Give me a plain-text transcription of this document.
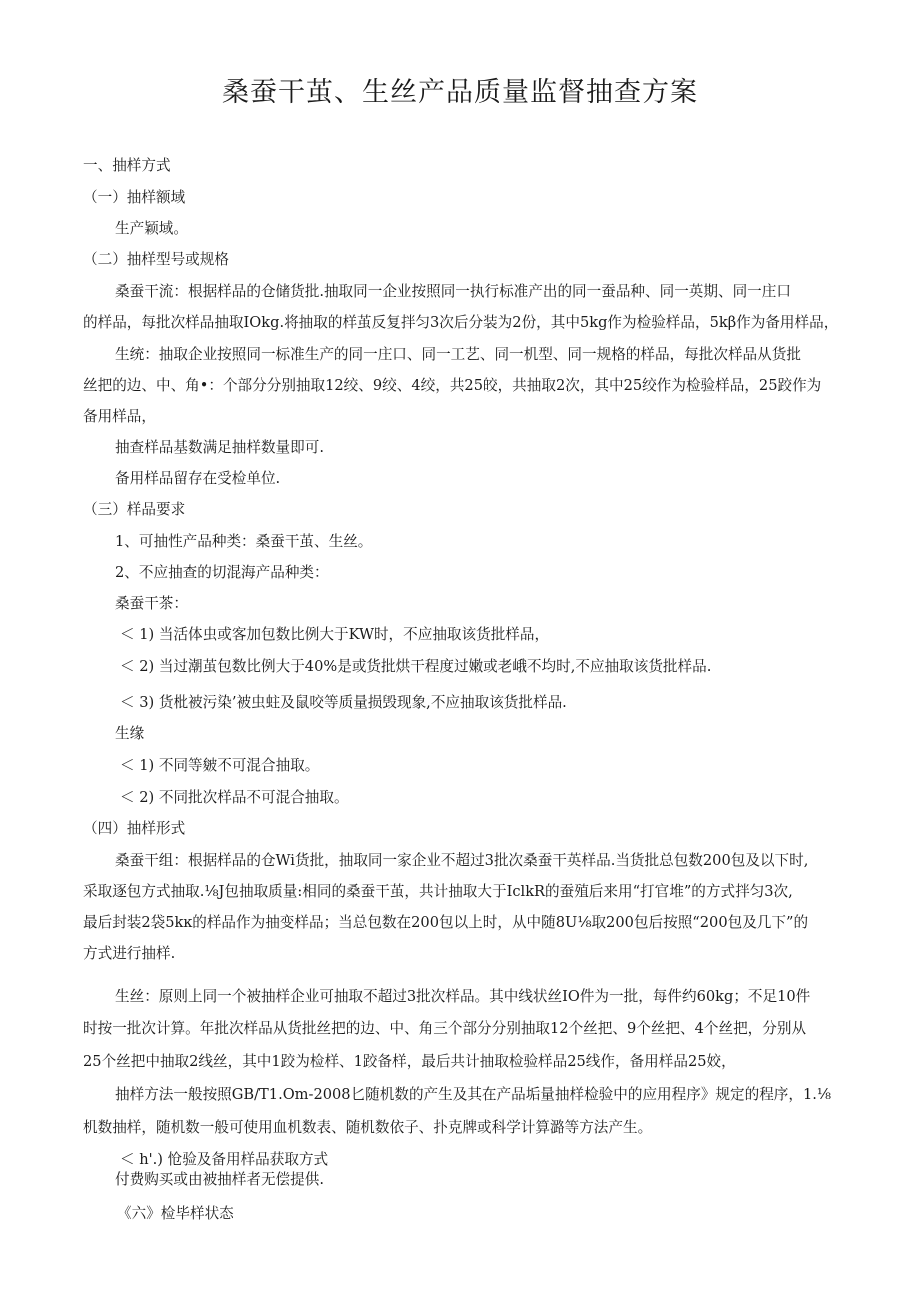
桑蚕干茧、生丝产品质量监督抽查方案
一、抽样方式
（一）抽样额域
生产颖域。
（二）抽样型号或规格
桑蚕干流：根据样品的仓储货批.抽取同一企业按照同一执行标准产出的同一蚕品种、同一英期、同一庄口
的样品，每批次样品抽取IOkg.将抽取的样茧反复拌匀3次后分装为2份，其中5kg作为检验样品，5kβ作为备用样品，
生统：抽取企业按照同一标准生产的同一庄口、同一工艺、同一机型、同一规格的样品，每批次样品从货批
丝把的边、中、角•：个部分分别抽取12绞、9绞、4绞，共25皎，共抽取2次，其中25绞作为检验样品，25跤作为
备用样品，
抽查样品基数满足抽样数量即可.
备用样品留存在受检单位.
（三）样品要求
1、可抽性产品种类：桑蚕干茧、生丝。
2、不应抽查的切混海产品种类：
桑蚕干茶：
＜ 1) 当活体虫或客加包数比例大于KW时，不应抽取该货批样品，
＜ 2) 当过潮茧包数比例大于40%是或货批烘干程度过嫩或老峨不均时,不应抽取该货批样品.
＜ 3) 货枇被污染’被虫蛀及鼠咬等质量损毁现象,不应抽取该货批样品.
生缘
＜ 1) 不同等皴不可混合抽取。
＜ 2) 不同批次样品不可混合抽取。
（四）抽样形式
桑蚕干组：根据样品的仓Wi货批，抽取同一家企业不超过3批次桑蚕干英样品.当货批总包数200包及以下时,
采取逐包方式抽取.⅛J包抽取质量:相同的桑蚕干茧，共计抽取大于IclkR的蚕殖后来用“打官堆”的方式拌匀3次,
最后封装2袋5kĸ的样品作为抽变样品；当总包数在200包以上时，从中随8U⅛取200包后按照“200包及几下”的
方式进行抽样.
生丝：原则上同一个被抽样企业可抽取不超过3批次样品。其中线状丝IO件为一批，每件约60kg；不足10件
时按一批次计算。年批次样品从货批丝把的边、中、角三个部分分别抽取12个丝把、9个丝把、4个丝把，分别从
25个丝把中抽取2线丝，其中1跤为检样、1跤备样，最后共计抽取检验样品25线作，备用样品25姣，
抽样方法一般按照GB/T1.Om-2008匕随机数的产生及其在产品垢量抽样检验中的应用程序》规定的程序，1.⅛
机数抽样，随机数一般可使用血机数表、随机数依子、扑克牌或科学计算潞等方法产生。
＜ h'.) 怆验及备用样品获取方式
付费购买或由被抽样者无偿提供.
《六》检毕样状态
